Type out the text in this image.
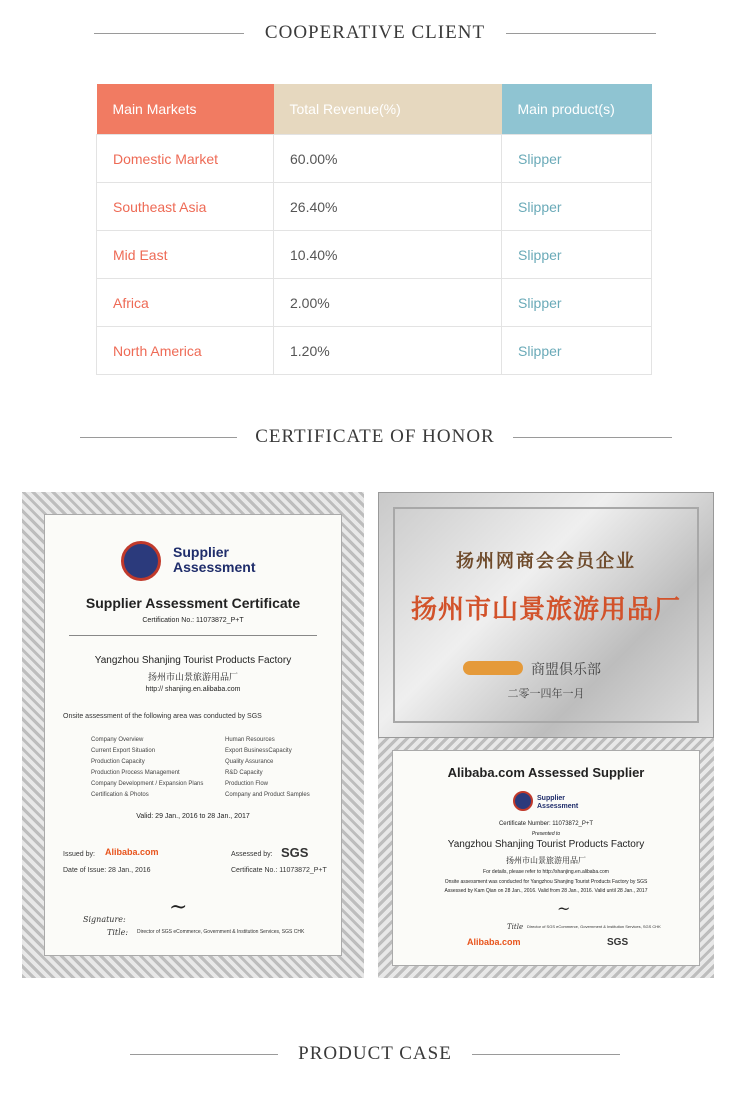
COOPERATIVE CLIENT
Main Markets	Total Revenue(%)	Main product(s)
Domestic Market	60.00%	Slipper
Southeast Asia	26.40%	Slipper
Mid East	10.40%	Slipper
Africa	2.00%	Slipper
North America	1.20%	Slipper
CERTIFICATE OF HONOR
Supplier Assessment
Supplier Assessment Certificate
Certification No.: 11073872_P+T
Yangzhou Shanjing Tourist Products Factory
扬州市山景旅游用品厂
http:// shanjing.en.alibaba.com
Onsite assessment of the following area was conducted by SGS
Company Overview
Current Export Situation
Production Capacity
Production Process Management
Company Development / Expansion Plans
Certification & Photos
Human Resources
Export BusinessCapacity
Quality Assurance
R&D Capacity
Production Flow
Company and Product Samples
Valid: 29 Jan., 2016 to 28 Jan., 2017
Issued by: Alibaba.com	Assessed by: SGS
Date of Issue: 28 Jan., 2016	Certificate No.: 11073872_P+T
~
Signature:
Title: Director of SGS eCommerce, Government & Institution Services, SGS CHK
扬州网商会会员企业
扬州市山景旅游用品厂
商盟俱乐部
二零一四年一月
Alibaba.com Assessed Supplier
Supplier Assessment
Certificate Number: 11073872_P+T
Presented to
Yangzhou Shanjing Tourist Products Factory
扬州市山景旅游用品厂
For details, please refer to http://shanjing.en.alibaba.com
Onsite assessment was conducted for Yangzhou Shanjing Tourist Products Factory by SGS
Assessed by Kam Qian on 28 Jan., 2016. Valid from 28 Jan., 2016. Valid until 28 Jan., 2017
~
Title Director of SGS eCommerce, Government & Institution Services, SGS CHK
Alibaba.com	SGS
PRODUCT CASE
